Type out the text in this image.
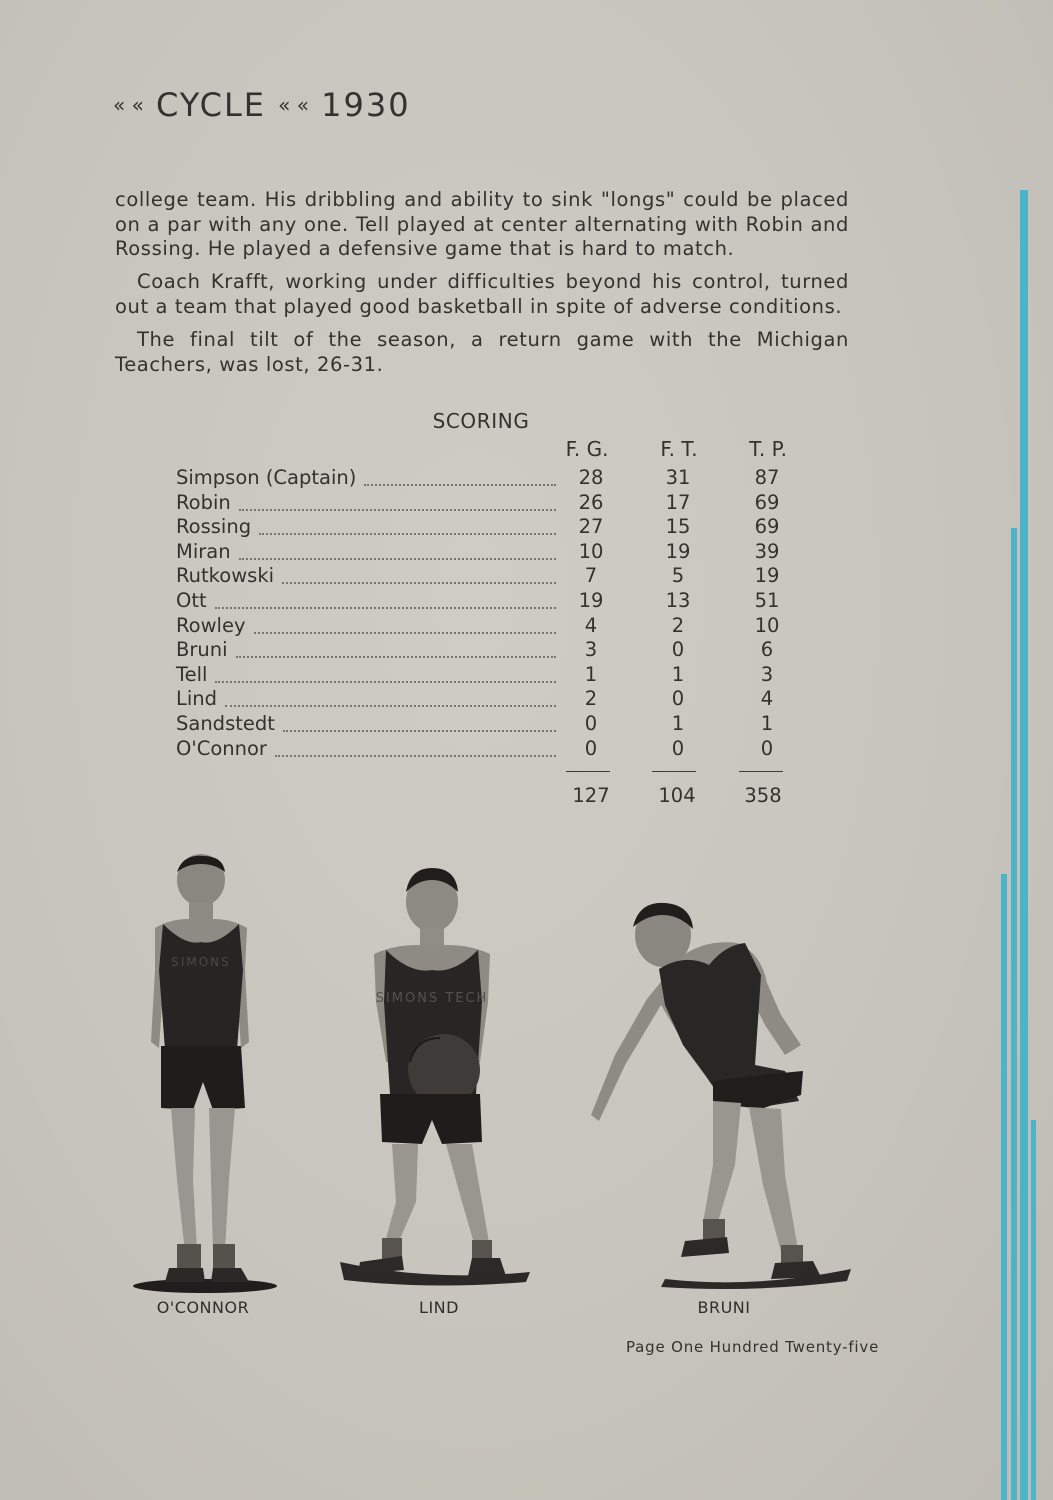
« « CYCLE « « 1930
college team. His dribbling and ability to sink "longs" could be placed on a par with any one. Tell played at center alternating with Robin and Rossing. He played a defensive game that is hard to match.
Coach Krafft, working under difficulties beyond his control, turned out a team that played good basketball in spite of adverse conditions.
The final tilt of the season, a return game with the Michigan Teachers, was lost, 26-31.
SCORING
F. G.	F. T.	T. P.
Simpson (Captain)	28	31	87
Robin	26	17	69
Rossing	27	15	69
Miran	10	19	39
Rutkowski	7	5	19
Ott	19	13	51
Rowley	4	2	10
Bruni	3	0	6
Tell	1	1	3
Lind	2	0	4
Sandstedt	0	1	1
O'Connor	0	0	0
127	104	358
SIMONS
SIMONS TECH
O'CONNOR	LIND	BRUNI
Page One Hundred Twenty-five
